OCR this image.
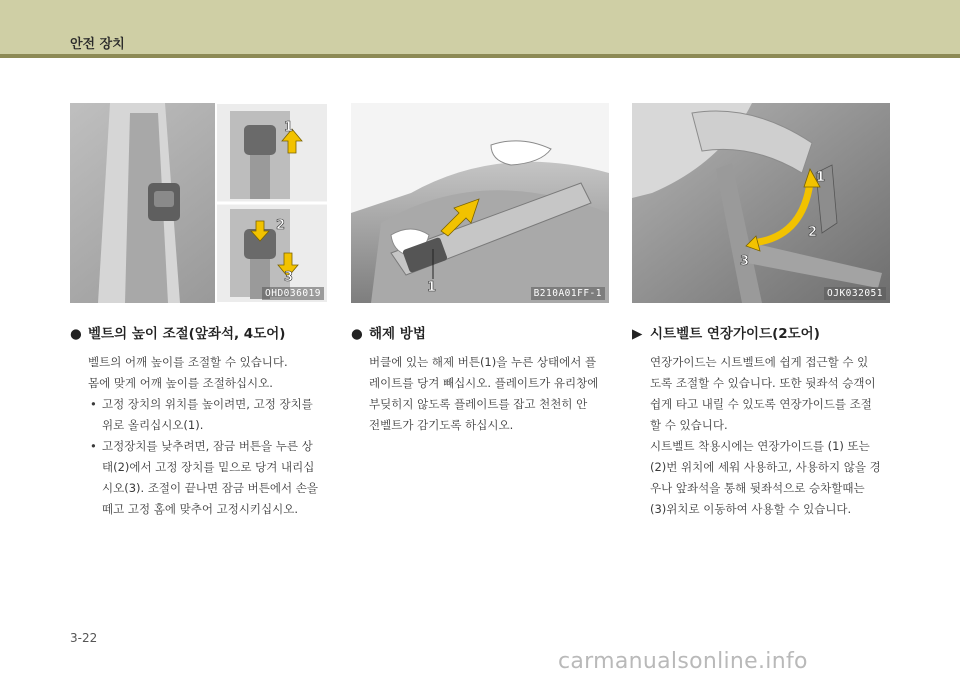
안전 장치
1
2
3
OHD036019	1	B210A01FF-1
1
2
3
OJK032051
● 벨트의 높이 조절(앞좌석, 4도어)

벨트의 어깨 높이를 조절할 수 있습니다.
몸에 맞게 어깨 높이를 조절하십시오.

• 고정 장치의 위치를 높이려면, 고정 장치를
위로 올리십시오(1).
• 고정장치를 낮추려면, 잠금 버튼을 누른 상
태(2)에서 고정 장치를 밑으로 당겨 내리십
시오(3). 조절이 끝나면 잠금 버튼에서 손을
떼고 고정 홈에 맞추어 고정시키십시오.
● 해제 방법

버클에 있는 해제 버튼(1)을 누른 상태에서 플
레이트를 당겨 빼십시오. 플레이트가 유리창에
부딪히지 않도록 플레이트를 잡고 천천히 안
전벨트가 감기도록 하십시오.

▶ 시트벨트 연장가이드(2도어)

연장가이드는 시트벨트에 쉽게 접근할 수 있
도록 조절할 수 있습니다. 또한 뒷좌석 승객이
쉽게 타고 내릴 수 있도록 연장가이드를 조절
할 수 있습니다.
시트벨트 착용시에는 연장가이드를 (1) 또는
(2)번 위치에 세워 사용하고, 사용하지 않을 경
우나 앞좌석을 통해 뒷좌석으로 승차할때는
(3)위치로 이동하여 사용할 수 있습니다.

3-22
carmanualsonline.info
